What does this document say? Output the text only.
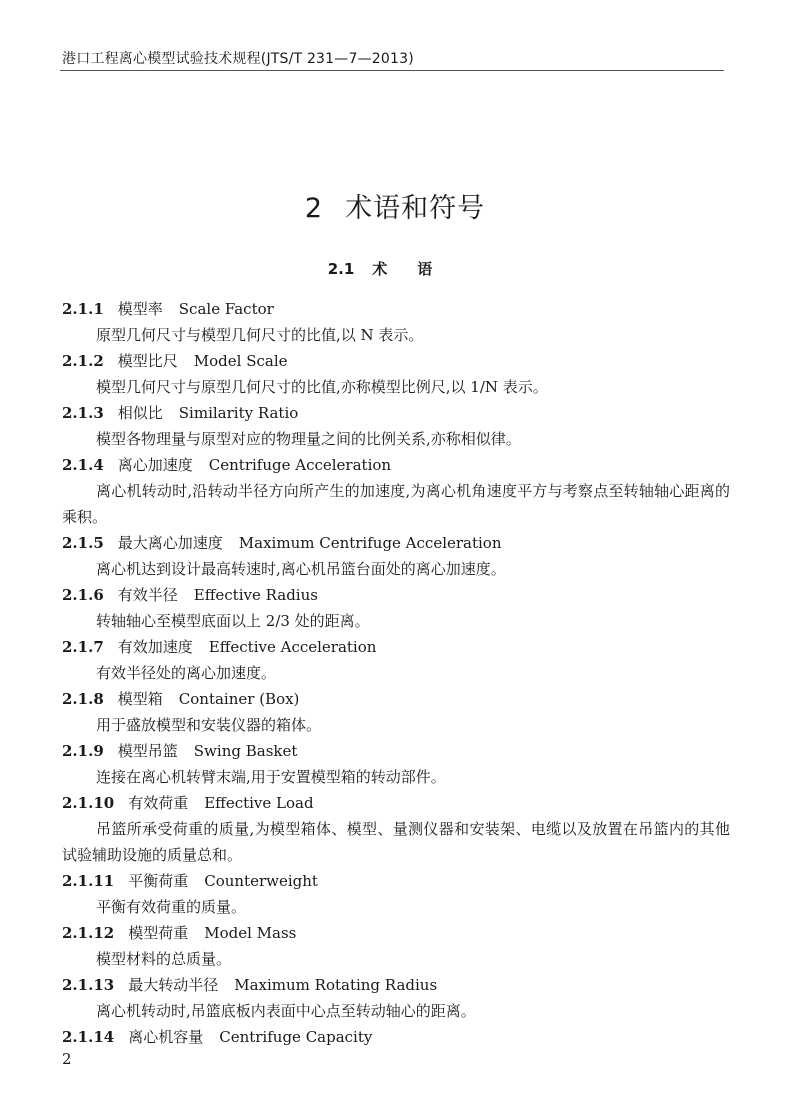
港口工程离心模型试验技术规程(JTS/T 231—7—2013)
2 术语和符号
2.1 术语
2.1.1 模型率 Scale Factor
原型几何尺寸与模型几何尺寸的比值,以 N 表示。
2.1.2 模型比尺 Model Scale
模型几何尺寸与原型几何尺寸的比值,亦称模型比例尺,以 1/N 表示。
2.1.3 相似比 Similarity Ratio
模型各物理量与原型对应的物理量之间的比例关系,亦称相似律。
2.1.4 离心加速度 Centrifuge Acceleration
离心机转动时,沿转动半径方向所产生的加速度,为离心机角速度平方与考察点至转轴轴心距离的乘积。
2.1.5 最大离心加速度 Maximum Centrifuge Acceleration
离心机达到设计最高转速时,离心机吊篮台面处的离心加速度。
2.1.6 有效半径 Effective Radius
转轴轴心至模型底面以上 2/3 处的距离。
2.1.7 有效加速度 Effective Acceleration
有效半径处的离心加速度。
2.1.8 模型箱 Container (Box)
用于盛放模型和安装仪器的箱体。
2.1.9 模型吊篮 Swing Basket
连接在离心机转臂末端,用于安置模型箱的转动部件。
2.1.10 有效荷重 Effective Load
吊篮所承受荷重的质量,为模型箱体、模型、量测仪器和安装架、电缆以及放置在吊篮内的其他试验辅助设施的质量总和。
2.1.11 平衡荷重 Counterweight
平衡有效荷重的质量。
2.1.12 模型荷重 Model Mass
模型材料的总质量。
2.1.13 最大转动半径 Maximum Rotating Radius
离心机转动时,吊篮底板内表面中心点至转动轴心的距离。
2.1.14 离心机容量 Centrifuge Capacity
2
